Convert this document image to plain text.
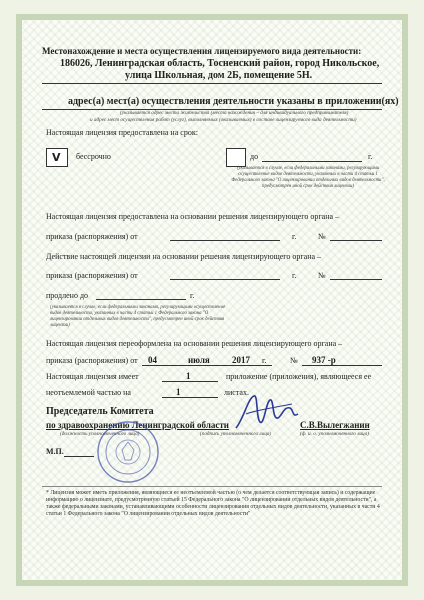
Местонахождение и места осуществления лицензируемого вида деятельности:
186026, Ленинградская область, Тосненский район, город Никольское,
улица Школьная, дом 2Б, помещение 5Н.
адрес(а) мест(а) осуществления деятельности указаны в приложении(ях)
(указывается адрес места жительства (места нахождения – для индивидуального предпринимателя)
и адрес мест осуществления работ (услуг), выполняемых (оказываемых) в составе лицензируемого вида деятельности)
Настоящая лицензия предоставлена на срок:
V бессрочно	до	г.
(указывается в случае, если федеральными законами, регулирующими осуществление видов деятельности, указанных в части 4 статьи 1 Федерального закона "О лицензировании отдельных видов деятельности", предусмотрен иной срок действия лицензии)
Настоящая лицензия предоставлена на основании решения лицензирующего органа –
приказа (распоряжения) от	г.	№
Действие настоящей лицензии на основании решения лицензирующего органа –
приказа (распоряжения) от	г.	№
продлено до	г.
(указывается в случае, если федеральными законами, регулирующими осуществление видов деятельности, указанных в части 4 статьи 1 Федерального закона "О лицензировании отдельных видов деятельности", предусмотрен иной срок действия лицензии)
Настоящая лицензия переоформлена на основании решения лицензирующего органа –
приказа (распоряжения) от 04	июля 2017 г.	№ 937 -р
Настоящая лицензия имеет	1	приложение (приложения), являющееся ее
неотъемлемой частью на	1	листах.
Председатель Комитета
по здравоохранению Ленинградской области	С.В.Вылегжанин
(должность уполномоченного лица)	(подпись уполномоченного лица)	(ф. и. о. уполномоченного лица)
М.П.
* Лицензия может иметь приложения, являющиеся ее неотъемлемой частью (о чем делается соответствующая запись) и содержащие информацию о лицензиате, предусмотренную статьей 15 Федерального закона "О лицензировании отдельных видов деятельности", а также федеральными законами, устанавливающими особенности лицензирования отдельных видов деятельности, указанных в части 4 статьи 1 Федерального закона "О лицензировании отдельных видов деятельности"
